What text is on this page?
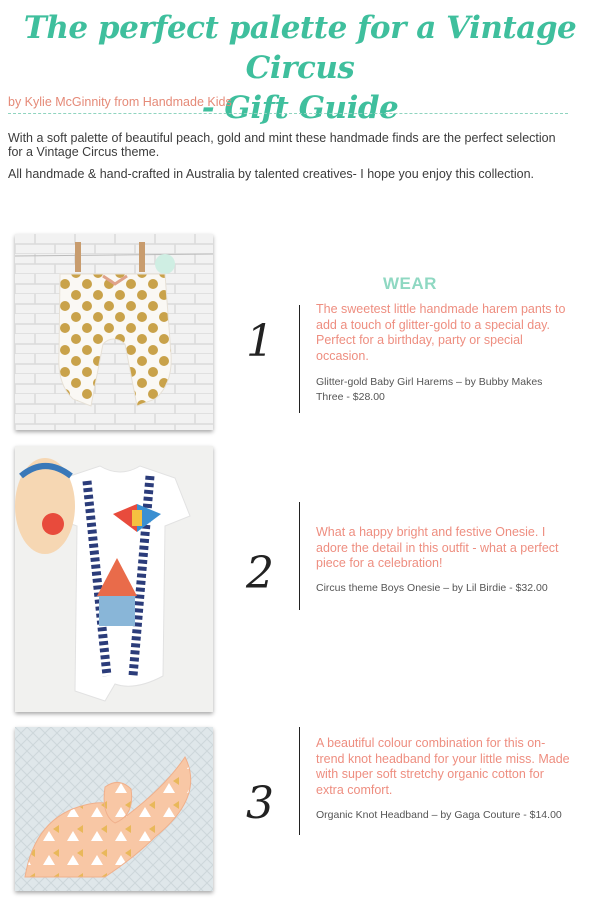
The perfect palette for a Vintage Circus
- Gift Guide
by Kylie McGinnity from Handmade Kids

With a soft palette of beautiful peach, gold and mint these handmade finds are the perfect selection for a Vintage Circus theme.

All handmade & hand-crafted in Australia by talented creatives- I hope you enjoy this collection.

WEAR
1
The sweetest little handmade harem pants to add a touch of glitter-gold to a special day. Perfect for a birthday, party or special occasion.
Glitter-gold Baby Girl Harems – by Bubby Makes Three - $28.00
2
What a happy bright and festive Onesie. I adore the detail in this outfit - what a perfect piece for a celebration!
Circus theme Boys Onesie – by Lil Birdie - $32.00
3
A beautiful colour combination for this on-trend knot headband for your little miss. Made with super soft stretchy organic cotton for extra comfort.
Organic Knot Headband – by Gaga Couture - $14.00
